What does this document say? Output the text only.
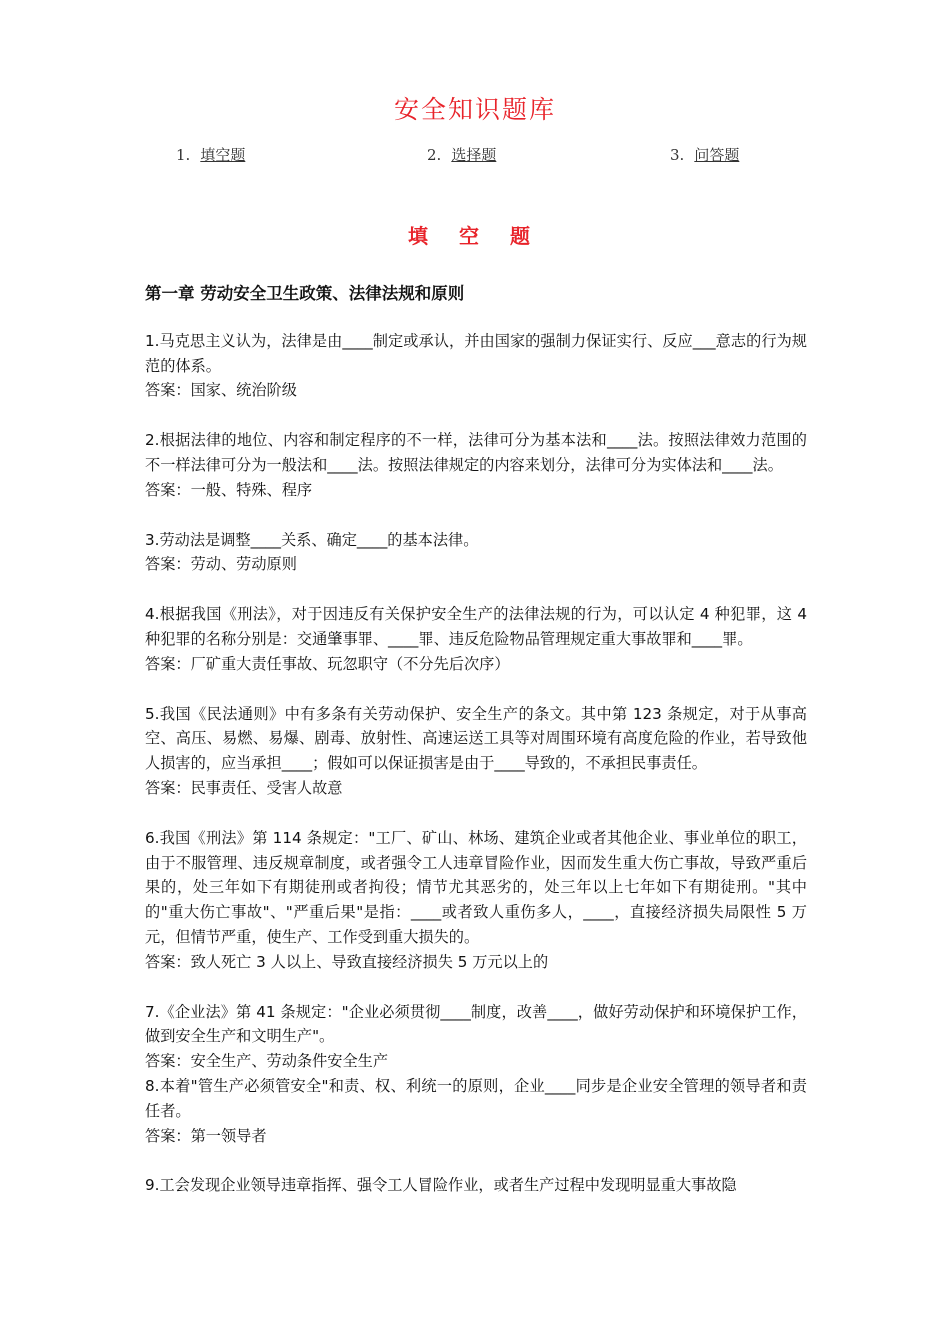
安全知识题库
1. 填空题	2. 选择题	3. 问答题
填 空 题
第一章 劳动安全卫生政策、法律法规和原则

1.马克思主义认为，法律是由____制定或承认，并由国家的强制力保证实行、反应___意志的行为规范的体系。

答案：国家、统治阶级

2.根据法律的地位、内容和制定程序的不一样，法律可分为基本法和____法。按照法律效力范围的不一样法律可分为一般法和____法。按照法律规定的内容来划分，法律可分为实体法和____法。

答案：一般、特殊、程序

3.劳动法是调整____关系、确定____的基本法律。

答案：劳动、劳动原则

4.根据我国《刑法》，对于因违反有关保护安全生产的法律法规的行为，可以认定 4 种犯罪，这 4 种犯罪的名称分别是：交通肇事罪、____罪、违反危险物品管理规定重大事故罪和____罪。

答案：厂矿重大责任事故、玩忽职守（不分先后次序）

5.我国《民法通则》中有多条有关劳动保护、安全生产的条文。其中第 123 条规定，对于从事高空、高压、易燃、易爆、剧毒、放射性、高速运送工具等对周围环境有高度危险的作业，若导致他人损害的，应当承担____；假如可以保证损害是由于____导致的，不承担民事责任。

答案：民事责任、受害人故意

6.我国《刑法》第 114 条规定："工厂、矿山、林场、建筑企业或者其他企业、事业单位的职工，由于不服管理、违反规章制度，或者强令工人违章冒险作业，因而发生重大伤亡事故，导致严重后果的，处三年如下有期徒刑或者拘役；情节尤其恶劣的，处三年以上七年如下有期徒刑。"其中的"重大伤亡事故"、"严重后果"是指：____或者致人重伤多人，____，直接经济损失局限性 5 万元，但情节严重，使生产、工作受到重大损失的。

答案：致人死亡 3 人以上、导致直接经济损失 5 万元以上的

7.《企业法》第 41 条规定："企业必须贯彻____制度，改善____，做好劳动保护和环境保护工作，做到安全生产和文明生产"。

答案：安全生产、劳动条件安全生产

8.本着"管生产必须管安全"和责、权、利统一的原则，企业____同步是企业安全管理的领导者和责任者。

答案：第一领导者

9.工会发现企业领导违章指挥、强令工人冒险作业，或者生产过程中发现明显重大事故隐
